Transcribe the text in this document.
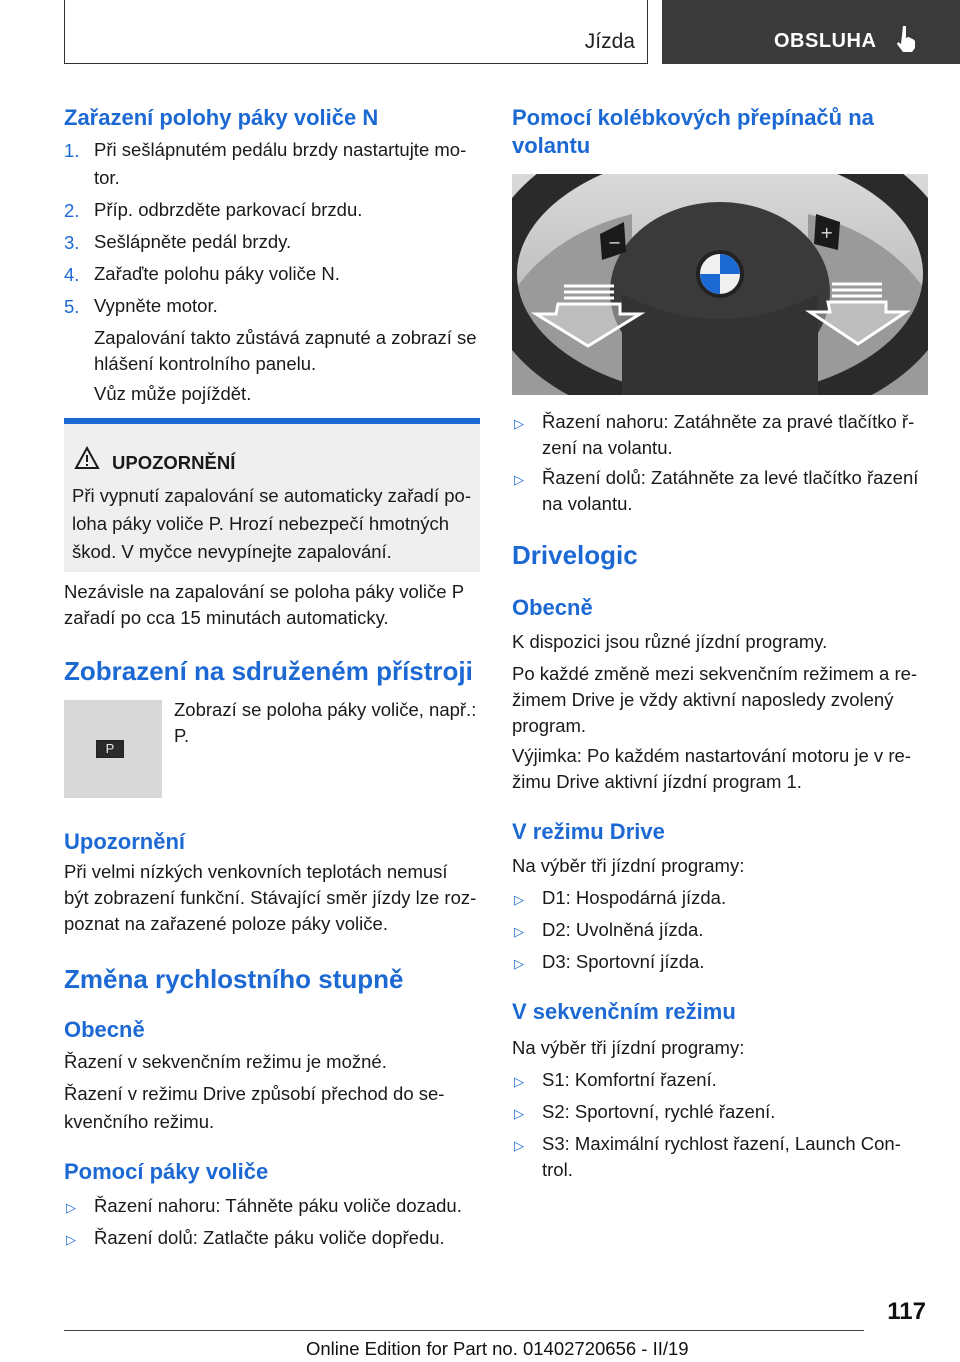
Jízda	OBSLUHA
Zařazení polohy páky voliče N
1. Při sešlápnutém pedálu brzdy nastartujte mo‐
tor.
2. Příp. odbrzděte parkovací brzdu.
3. Sešlápněte pedál brzdy.
4. Zařaďte polohu páky voliče N.
5. Vypněte motor.
Zapalování takto zůstává zapnuté a zobrazí se
hlášení kontrolního panelu.
Vůz může pojíždět.
UPOZORNĚNÍ
Při vypnutí zapalování se automaticky zařadí po‐
loha páky voliče P. Hrozí nebezpečí hmotných
škod. V myčce nevypínejte zapalování.
Nezávisle na zapalování se poloha páky voliče P
zařadí po cca 15 minutách automaticky.
Zobrazení na sdruženém přístroji
P
Zobrazí se poloha páky voliče, např.:
P.
Upozornění
Při velmi nízkých venkovních teplotách nemusí
být zobrazení funkční. Stávající směr jízdy lze roz‐
poznat na zařazené poloze páky voliče.
Změna rychlostního stupně
Obecně
Řazení v sekvenčním režimu je možné.
Řazení v režimu Drive způsobí přechod do se‐
kvenčního režimu.
Pomocí páky voliče
▷ Řazení nahoru: Táhněte páku voliče dozadu.
▷ Řazení dolů: Zatlačte páku voliče dopředu.
Pomocí kolébkových přepínačů na
volantu
−
+
▷ Řazení nahoru: Zatáhněte za pravé tlačítko ř‐
zení na volantu.
▷ Řazení dolů: Zatáhněte za levé tlačítko řazení
na volantu.
Drivelogic
Obecně
K dispozici jsou různé jízdní programy.
Po každé změně mezi sekvenčním režimem a re‐
žimem Drive je vždy aktivní naposledy zvolený
program.
Výjimka: Po každém nastartování motoru je v re‐
žimu Drive aktivní jízdní program 1.
V režimu Drive
Na výběr tři jízdní programy:
▷ D1: Hospodárná jízda.
▷ D2: Uvolněná jízda.
▷ D3: Sportovní jízda.
V sekvenčním režimu
Na výběr tři jízdní programy:
▷ S1: Komfortní řazení.
▷ S2: Sportovní, rychlé řazení.
▷ S3: Maximální rychlost řazení, Launch Con‐
trol.
117
Online Edition for Part no. 01402720656 - II/19
